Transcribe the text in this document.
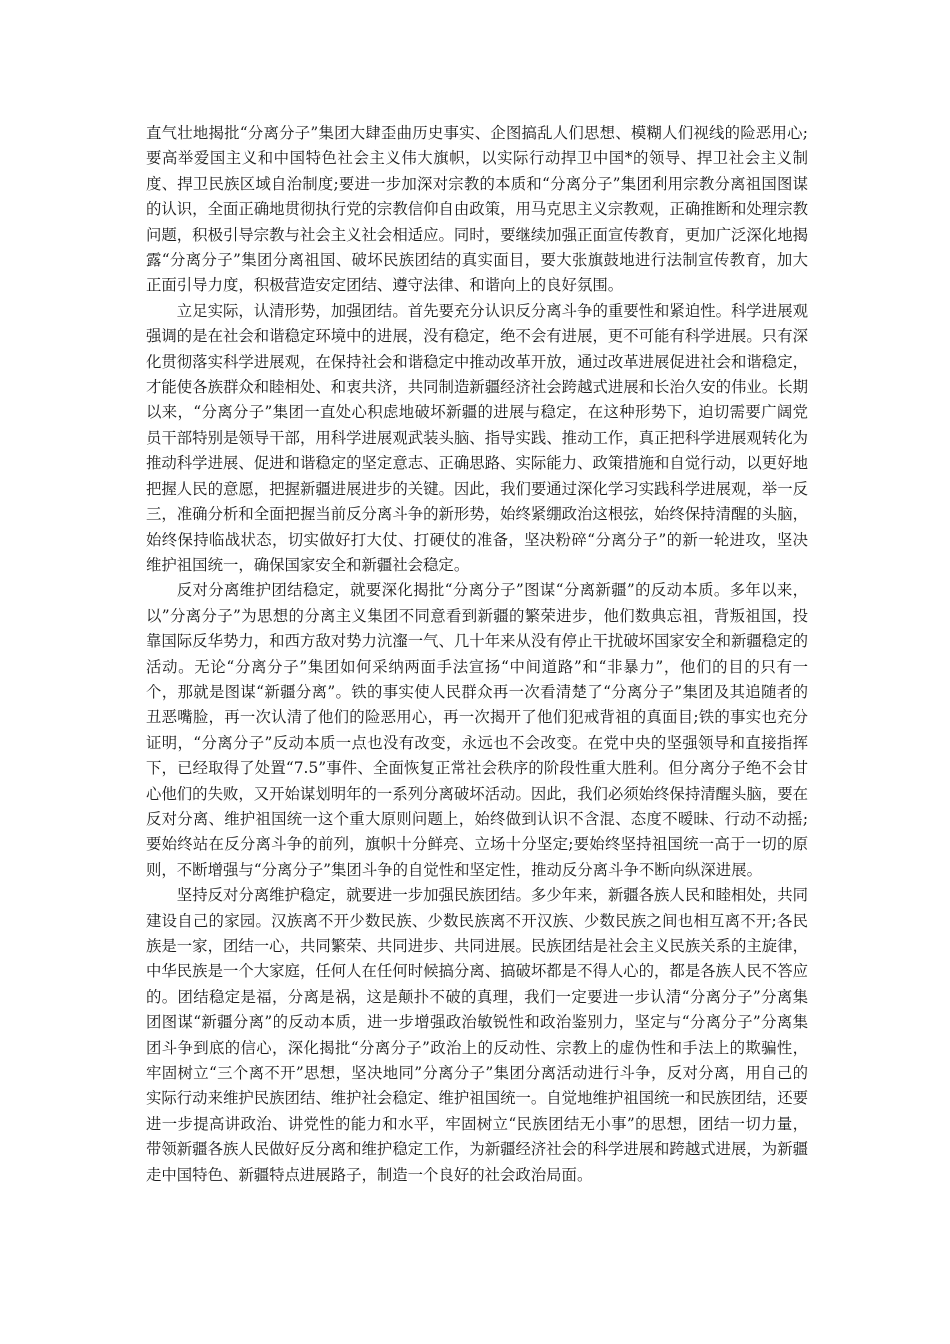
直气壮地揭批“分离分子”集团大肆歪曲历史事实、企图搞乱人们思想、模糊人们视线的险恶用心;要高举爱国主义和中国特色社会主义伟大旗帜，以实际行动捍卫中国*的领导、捍卫社会主义制度、捍卫民族区域自治制度;要进一步加深对宗教的本质和“分离分子”集团利用宗教分离祖国图谋的认识，全面正确地贯彻执行党的宗教信仰自由政策，用马克思主义宗教观，正确推断和处理宗教问题，积极引导宗教与社会主义社会相适应。同时，要继续加强正面宣传教育，更加广泛深化地揭露“分离分子”集团分离祖国、破坏民族团结的真实面目，要大张旗鼓地进行法制宣传教育，加大正面引导力度，积极营造安定团结、遵守法律、和谐向上的良好氛围。

立足实际，认清形势，加强团结。首先要充分认识反分离斗争的重要性和紧迫性。科学进展观强调的是在社会和谐稳定环境中的进展，没有稳定，绝不会有进展，更不可能有科学进展。只有深化贯彻落实科学进展观，在保持社会和谐稳定中推动改革开放，通过改革进展促进社会和谐稳定，才能使各族群众和睦相处、和衷共济，共同制造新疆经济社会跨越式进展和长治久安的伟业。长期以来，“分离分子”集团一直处心积虑地破坏新疆的进展与稳定，在这种形势下，迫切需要广阔党员干部特别是领导干部，用科学进展观武装头脑、指导实践、推动工作，真正把科学进展观转化为推动科学进展、促进和谐稳定的坚定意志、正确思路、实际能力、政策措施和自觉行动，以更好地把握人民的意愿，把握新疆进展进步的关键。因此，我们要通过深化学习实践科学进展观，举一反三，准确分析和全面把握当前反分离斗争的新形势，始终紧绷政治这根弦，始终保持清醒的头脑，始终保持临战状态，切实做好打大仗、打硬仗的准备，坚决粉碎“分离分子”的新一轮进攻，坚决维护祖国统一，确保国家安全和新疆社会稳定。

反对分离维护团结稳定，就要深化揭批“分离分子”图谋“分离新疆”的反动本质。多年以来，以”分离分子”为思想的分离主义集团不同意看到新疆的繁荣进步，他们数典忘祖，背叛祖国，投靠国际反华势力，和西方敌对势力沆瀣一气、几十年来从没有停止干扰破坏国家安全和新疆稳定的活动。无论“分离分子”集团如何采纳两面手法宣扬“中间道路”和“非暴力”，他们的目的只有一个，那就是图谋“新疆分离”。铁的事实使人民群众再一次看清楚了“分离分子”集团及其追随者的丑恶嘴脸，再一次认清了他们的险恶用心，再一次揭开了他们犯戒背祖的真面目;铁的事实也充分证明，“分离分子”反动本质一点也没有改变，永远也不会改变。在党中央的坚强领导和直接指挥下，已经取得了处置“7.5”事件、全面恢复正常社会秩序的阶段性重大胜利。但分离分子绝不会甘心他们的失败，又开始谋划明年的一系列分离破坏活动。因此，我们必须始终保持清醒头脑，要在反对分离、维护祖国统一这个重大原则问题上，始终做到认识不含混、态度不暧昧、行动不动摇;要始终站在反分离斗争的前列，旗帜十分鲜亮、立场十分坚定;要始终坚持祖国统一高于一切的原则，不断增强与“分离分子”集团斗争的自觉性和坚定性，推动反分离斗争不断向纵深进展。

坚持反对分离维护稳定，就要进一步加强民族团结。多少年来，新疆各族人民和睦相处，共同建设自己的家园。汉族离不开少数民族、少数民族离不开汉族、少数民族之间也相互离不开;各民族是一家，团结一心，共同繁荣、共同进步、共同进展。民族团结是社会主义民族关系的主旋律，中华民族是一个大家庭，任何人在任何时候搞分离、搞破坏都是不得人心的，都是各族人民不答应的。团结稳定是福，分离是祸，这是颠扑不破的真理，我们一定要进一步认清“分离分子”分离集团图谋“新疆分离”的反动本质，进一步增强政治敏锐性和政治鉴别力，坚定与“分离分子”分离集团斗争到底的信心，深化揭批“分离分子”政治上的反动性、宗教上的虚伪性和手法上的欺骗性，牢固树立“三个离不开”思想，坚决地同”分离分子”集团分离活动进行斗争，反对分离，用自己的实际行动来维护民族团结、维护社会稳定、维护祖国统一。自觉地维护祖国统一和民族团结，还要进一步提高讲政治、讲党性的能力和水平，牢固树立“民族团结无小事”的思想，团结一切力量，带领新疆各族人民做好反分离和维护稳定工作，为新疆经济社会的科学进展和跨越式进展，为新疆走中国特色、新疆特点进展路子，制造一个良好的社会政治局面。
